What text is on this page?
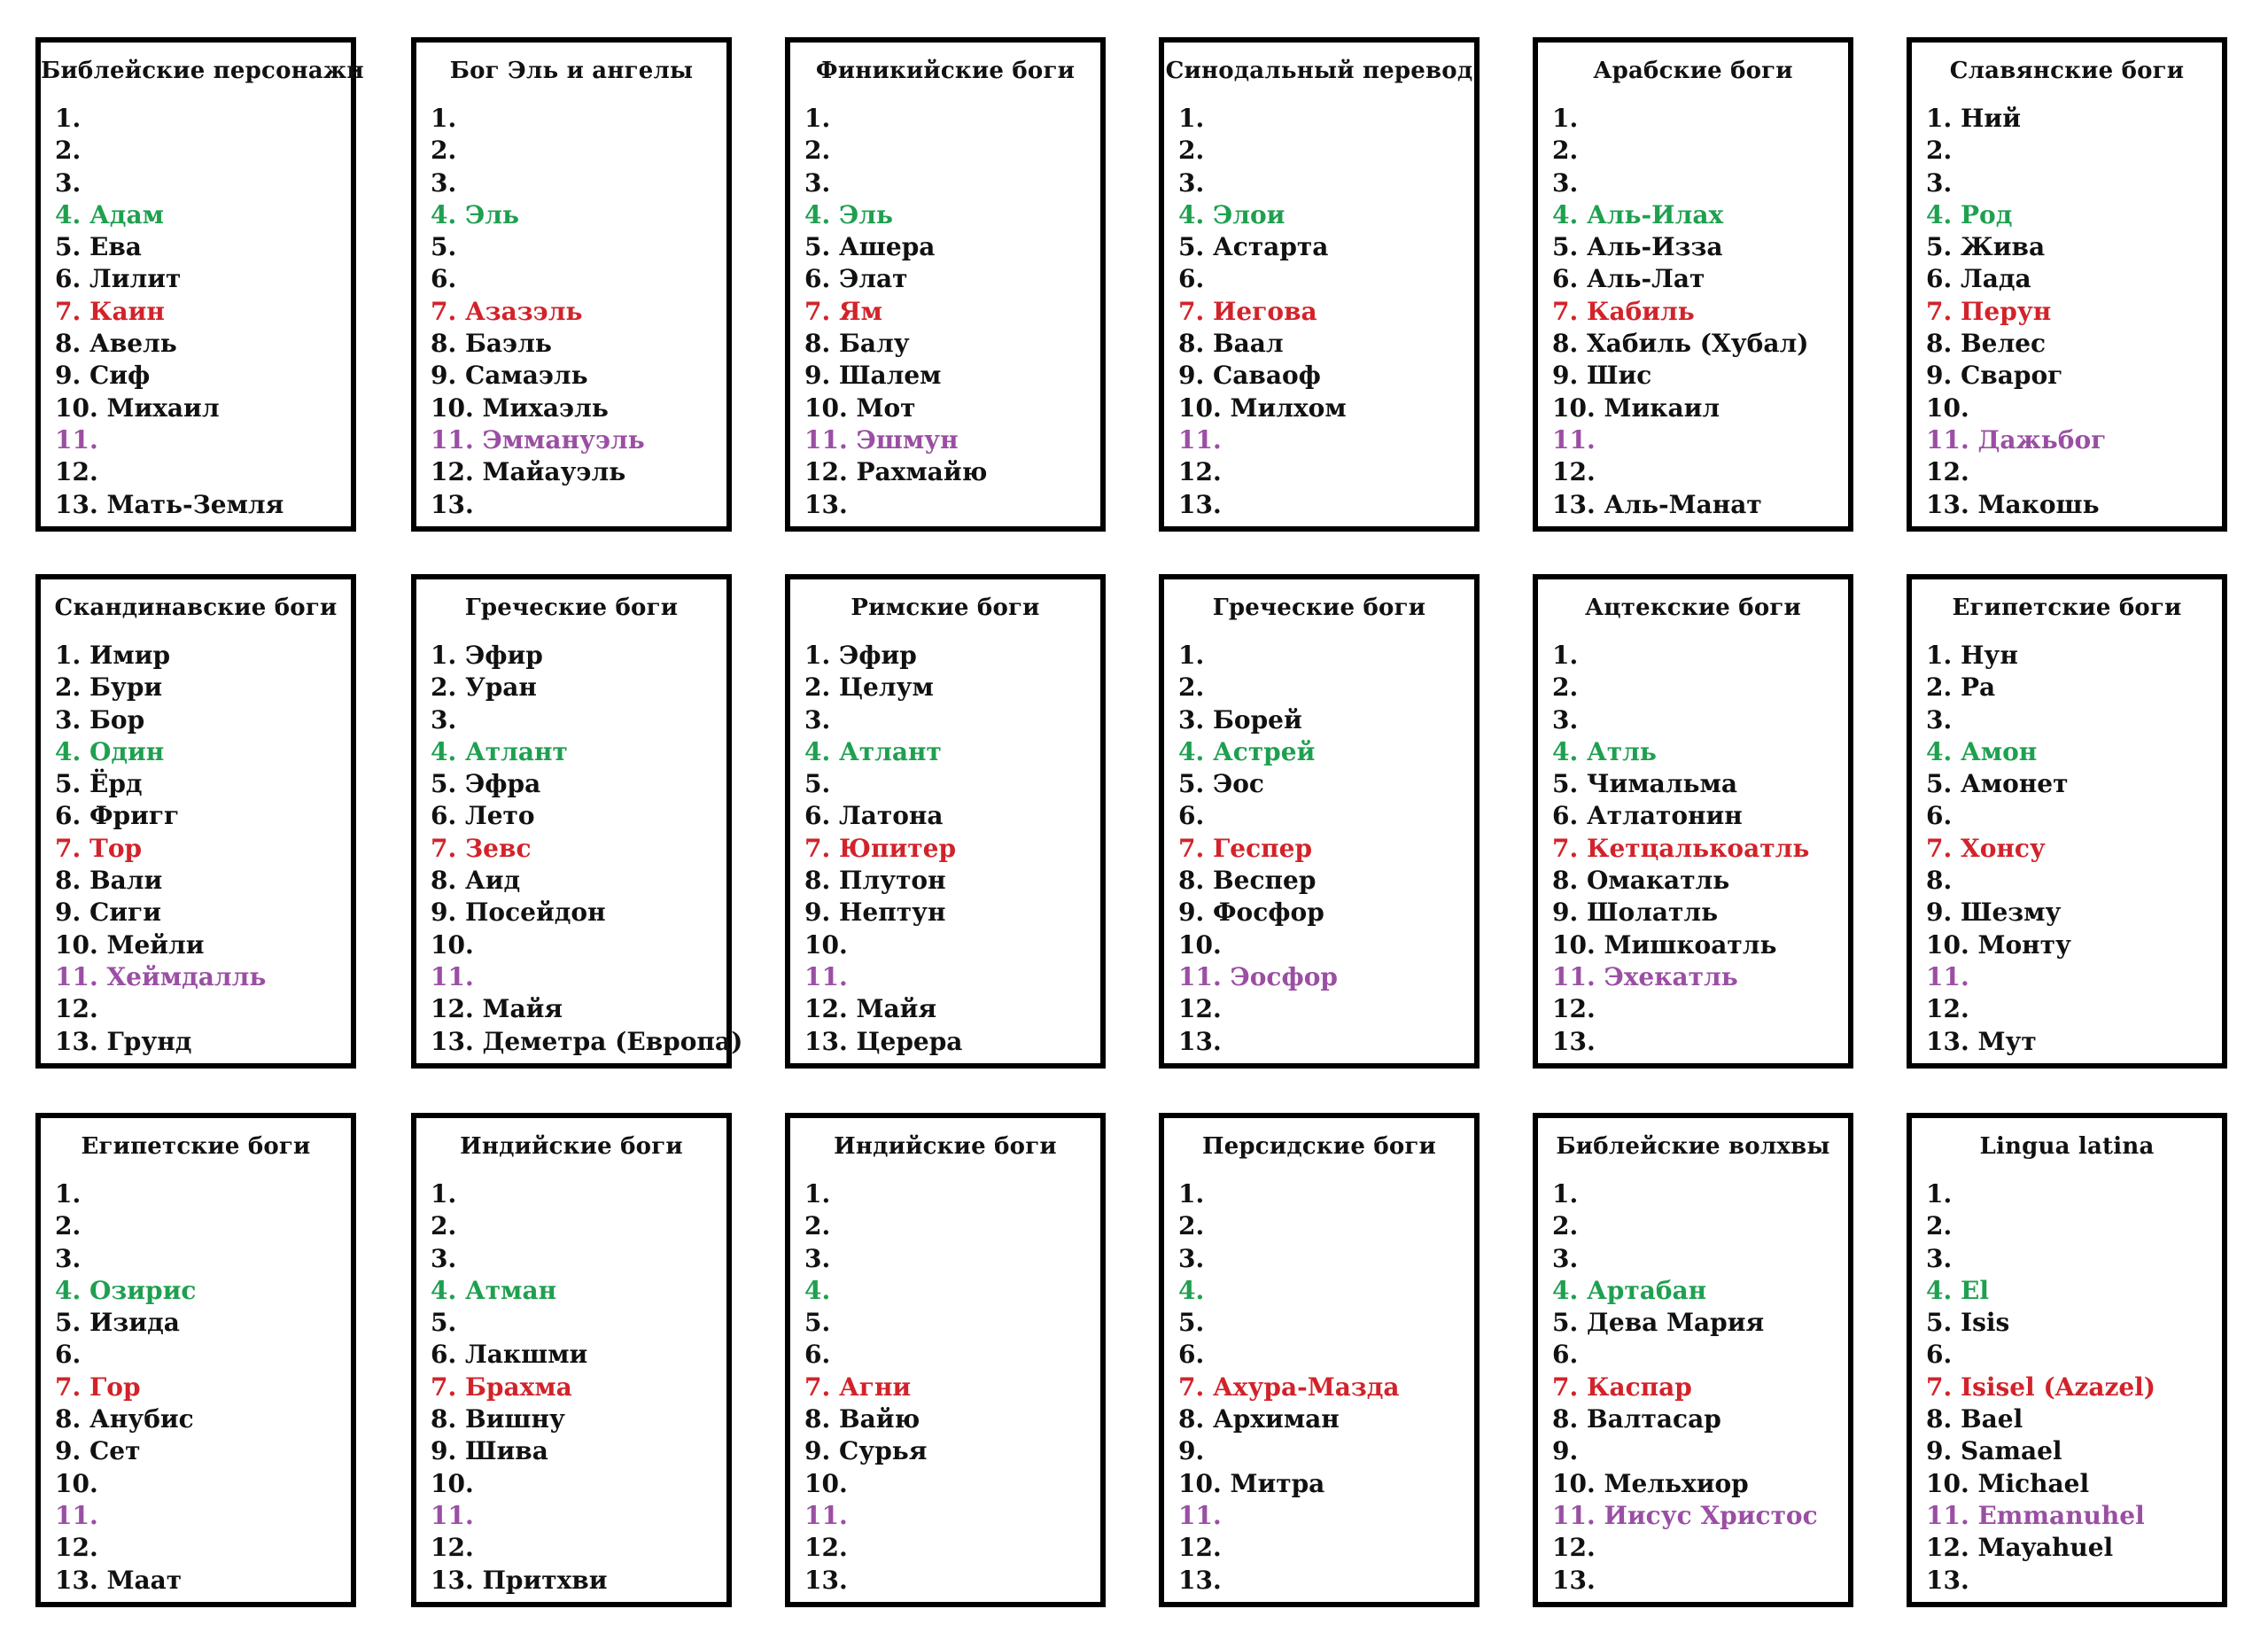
Библейские персонажи
1.
2.
3.
4. Адам
5. Ева
6. Лилит
7. Каин
8. Авель
9. Сиф
10. Михаил
11.
12.
13. Мать-Земля
Бог Эль и ангелы
1.
2.
3.
4. Эль
5.
6.
7. Азазэль
8. Баэль
9. Самаэль
10. Михаэль
11. Эммануэль
12. Майауэль
13.
Финикийские боги
1.
2.
3.
4. Эль
5. Ашера
6. Элат
7. Ям
8. Балу
9. Шалем
10. Мот
11. Эшмун
12. Рахмайю
13.
Синодальный перевод
1.
2.
3.
4. Элои
5. Астарта
6.
7. Иегова
8. Ваал
9. Саваоф
10. Милхом
11.
12.
13.
Арабские боги
1.
2.
3.
4. Аль-Илах
5. Аль-Изза
6. Аль-Лат
7. Кабиль
8. Хабиль (Хубал)
9. Шис
10. Микаил
11.
12.
13. Аль-Манат
Славянские боги
1. Ний
2.
3.
4. Род
5. Жива
6. Лада
7. Перун
8. Велес
9. Сварог
10.
11. Дажьбог
12.
13. Макошь
Скандинавские боги
1. Имир
2. Бури
3. Бор
4. Один
5. Ёрд
6. Фригг
7. Тор
8. Вали
9. Сиги
10. Мейли
11. Хеймдалль
12.
13. Грунд
Греческие боги
1. Эфир
2. Уран
3.
4. Атлант
5. Эфра
6. Лето
7. Зевс
8. Аид
9. Посейдон
10.
11.
12. Майя
13. Деметра (Европа)
Римские боги
1. Эфир
2. Целум
3.
4. Атлант
5.
6. Латона
7. Юпитер
8. Плутон
9. Нептун
10.
11.
12. Майя
13. Церера
Греческие боги
1.
2.
3. Борей
4. Астрей
5. Эос
6.
7. Геспер
8. Веспер
9. Фосфор
10.
11. Эосфор
12.
13.
Ацтекские боги
1.
2.
3.
4. Атль
5. Чимальма
6. Атлатонин
7. Кетцалькоатль
8. Омакатль
9. Шолатль
10. Мишкоатль
11. Эхекатль
12.
13.
Египетские боги
1. Нун
2. Ра
3.
4. Амон
5. Амонет
6.
7. Хонсу
8.
9. Шезму
10. Монту
11.
12.
13. Мут
Египетские боги
1.
2.
3.
4. Озирис
5. Изида
6.
7. Гор
8. Анубис
9. Сет
10.
11.
12.
13. Маат
Индийские боги
1.
2.
3.
4. Атман
5.
6. Лакшми
7. Брахма
8. Вишну
9. Шива
10.
11.
12.
13. Притхви
Индийские боги
1.
2.
3.
4.
5.
6.
7. Агни
8. Вайю
9. Сурья
10.
11.
12.
13.
Персидские боги
1.
2.
3.
4.
5.
6.
7. Ахура-Мазда
8. Архиман
9.
10. Митра
11.
12.
13.
Библейские волхвы
1.
2.
3.
4. Артабан
5. Дева Мария
6.
7. Каспар
8. Валтасар
9.
10. Мельхиор
11. Иисус Христос
12.
13.
Lingua latina
1.
2.
3.
4. El
5. Isis
6.
7. Isisel (Azazel)
8. Bael
9. Samael
10. Michael
11. Emmanuhel
12. Mayahuel
13.
